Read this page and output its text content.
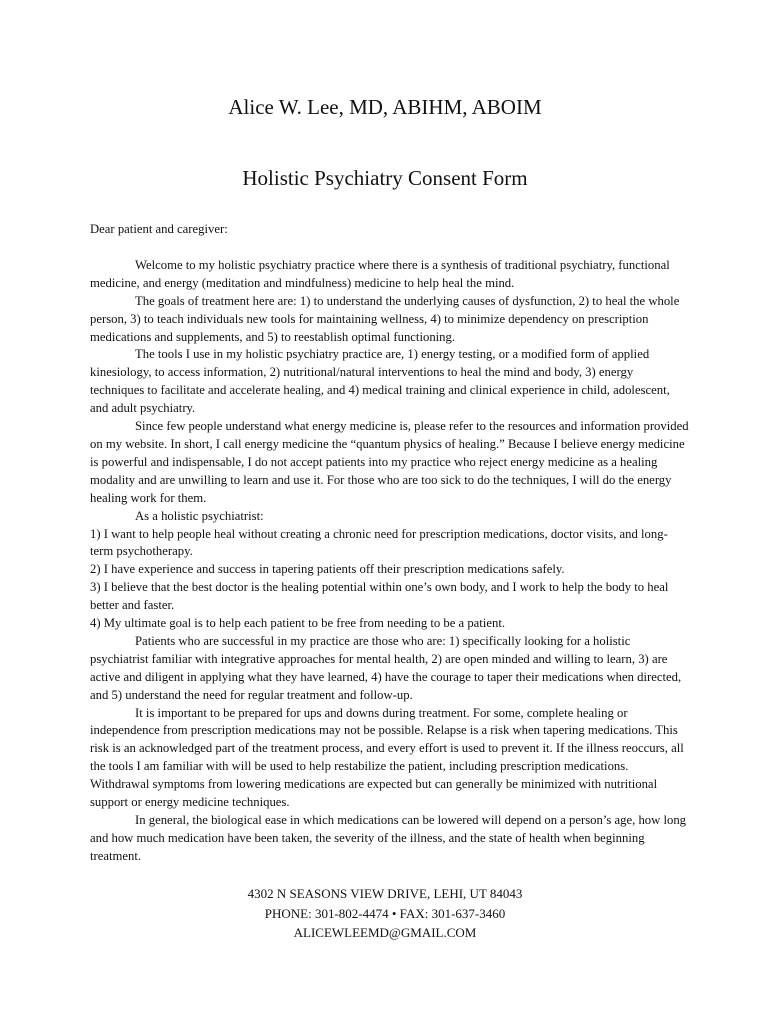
Alice W. Lee, MD, ABIHM, ABOIM
Holistic Psychiatry Consent Form

Dear patient and caregiver:

Welcome to my holistic psychiatry practice where there is a synthesis of traditional psychiatry, functional medicine, and energy (meditation and mindfulness) medicine to help heal the mind.

The goals of treatment here are: 1) to understand the underlying causes of dysfunction, 2) to heal the whole person, 3) to teach individuals new tools for maintaining wellness, 4) to minimize dependency on prescription medications and supplements, and 5) to reestablish optimal functioning.

The tools I use in my holistic psychiatry practice are, 1) energy testing, or a modified form of applied kinesiology, to access information, 2) nutritional/natural interventions to heal the mind and body, 3) energy techniques to facilitate and accelerate healing, and 4) medical training and clinical experience in child, adolescent, and adult psychiatry.

Since few people understand what energy medicine is, please refer to the resources and information provided on my website. In short, I call energy medicine the “quantum physics of healing.” Because I believe energy medicine is powerful and indispensable, I do not accept patients into my practice who reject energy medicine as a healing modality and are unwilling to learn and use it. For those who are too sick to do the techniques, I will do the energy healing work for them.

As a holistic psychiatrist:

1) I want to help people heal without creating a chronic need for prescription medications, doctor visits, and long-term psychotherapy.

2) I have experience and success in tapering patients off their prescription medications safely.

3) I believe that the best doctor is the healing potential within one’s own body, and I work to help the body to heal better and faster.

4) My ultimate goal is to help each patient to be free from needing to be a patient.

Patients who are successful in my practice are those who are: 1) specifically looking for a holistic psychiatrist familiar with integrative approaches for mental health, 2) are open minded and willing to learn, 3) are active and diligent in applying what they have learned, 4) have the courage to taper their medications when directed, and 5) understand the need for regular treatment and follow-up.

It is important to be prepared for ups and downs during treatment. For some, complete healing or independence from prescription medications may not be possible. Relapse is a risk when tapering medications. This risk is an acknowledged part of the treatment process, and every effort is used to prevent it. If the illness reoccurs, all the tools I am familiar with will be used to help restabilize the patient, including prescription medications. Withdrawal symptoms from lowering medications are expected but can generally be minimized with nutritional support or energy medicine techniques.

In general, the biological ease in which medications can be lowered will depend on a person’s age, how long and how much medication have been taken, the severity of the illness, and the state of health when beginning treatment.

4302 N SEASONS VIEW DRIVE, LEHI, UT 84043
PHONE: 301-802-4474 • FAX: 301-637-3460
ALICEWLEEMD@GMAIL.COM
